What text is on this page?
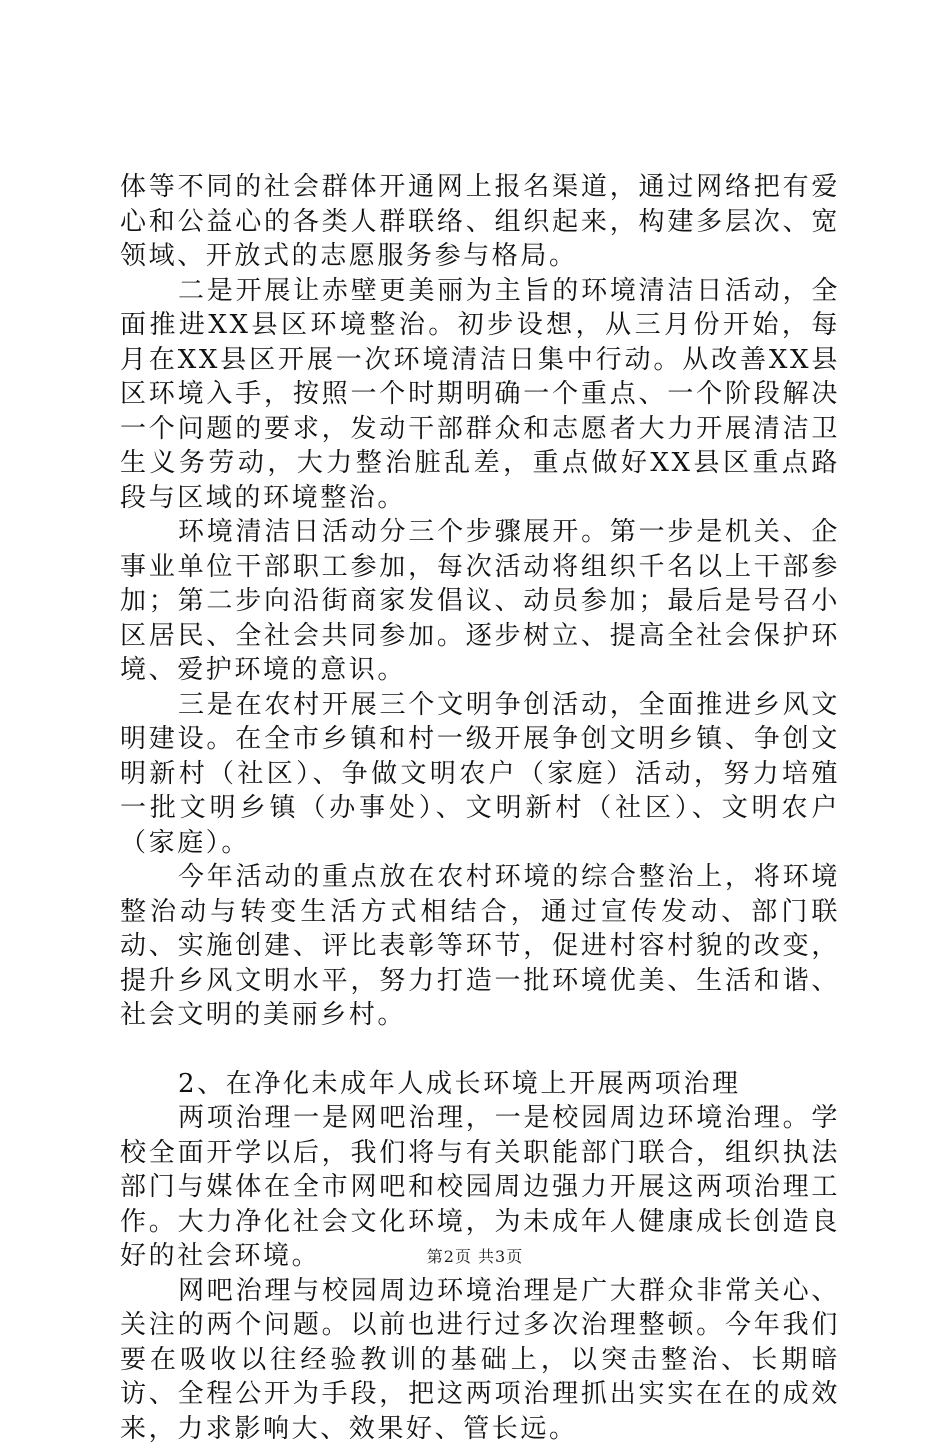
体等不同的社会群体开通网上报名渠道，通过网络把有爱心和公益心的各类人群联络、组织起来，构建多层次、宽领域、开放式的志愿服务参与格局。

二是开展让赤壁更美丽为主旨的环境清洁日活动，全面推进XX县区环境整治。初步设想，从三月份开始，每月在XX县区开展一次环境清洁日集中行动。从改善XX县区环境入手，按照一个时期明确一个重点、一个阶段解决一个问题的要求，发动干部群众和志愿者大力开展清洁卫生义务劳动，大力整治脏乱差，重点做好XX县区重点路段与区域的环境整治。

环境清洁日活动分三个步骤展开。第一步是机关、企事业单位干部职工参加，每次活动将组织千名以上干部参加；第二步向沿街商家发倡议、动员参加；最后是号召小区居民、全社会共同参加。逐步树立、提高全社会保护环境、爱护环境的意识。

三是在农村开展三个文明争创活动，全面推进乡风文明建设。在全市乡镇和村一级开展争创文明乡镇、争创文明新村（社区）、争做文明农户（家庭）活动，努力培殖一批文明乡镇（办事处）、文明新村（社区）、文明农户（家庭）。

今年活动的重点放在农村环境的综合整治上，将环境整治动与转变生活方式相结合，通过宣传发动、部门联动、实施创建、评比表彰等环节，促进村容村貌的改变，提升乡风文明水平，努力打造一批环境优美、生活和谐、社会文明的美丽乡村。

2、在净化未成年人成长环境上开展两项治理

两项治理一是网吧治理，一是校园周边环境治理。学校全面开学以后，我们将与有关职能部门联合，组织执法部门与媒体在全市网吧和校园周边强力开展这两项治理工作。大力净化社会文化环境，为未成年人健康成长创造良好的社会环境。

网吧治理与校园周边环境治理是广大群众非常关心、关注的两个问题。以前也进行过多次治理整顿。今年我们要在吸收以往经验教训的基础上，以突击整治、长期暗访、全程公开为手段，把这两项治理抓出实实在在的成效来，力求影响大、效果好、管长远。

第2页 共3页
